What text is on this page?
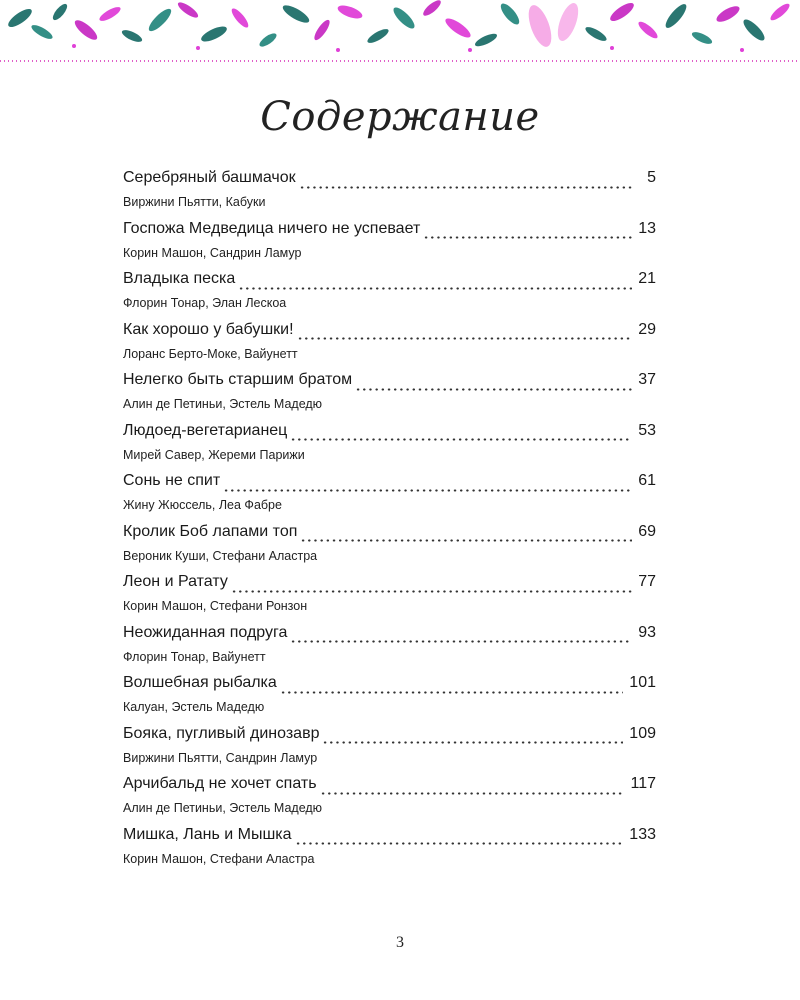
Содержание
Серебряный башмачок	5
Виржини Пьятти, Кабуки
Госпожа Медведица ничего не успевает	13
Корин Машон, Сандрин Ламур
Владыка песка	21
Флорин Тонар, Элан Лескоа
Как хорошо у бабушки!	29
Лоранс Берто-Моке, Вайунетт
Нелегко быть старшим братом	37
Алин де Петиньи, Эстель Мадедю
Людоед-вегетарианец	53
Мирей Савер, Жереми Парижи
Сонь не спит	61
Жину Жюссель, Леа Фабре
Кролик Боб лапами топ	69
Вероник Куши, Стефани Аластра
Леон и Ратату	77
Корин Машон, Стефани Ронзон
Неожиданная подруга	93
Флорин Тонар, Вайунетт
Волшебная рыбалка	101
Калуан, Эстель Мадедю
Бояка, пугливый динозавр	109
Виржини Пьятти, Сандрин Ламур
Арчибальд не хочет спать	117
Алин де Петиньи, Эстель Мадедю
Мишка, Лань и Мышка	133
Корин Машон, Стефани Аластра
3
